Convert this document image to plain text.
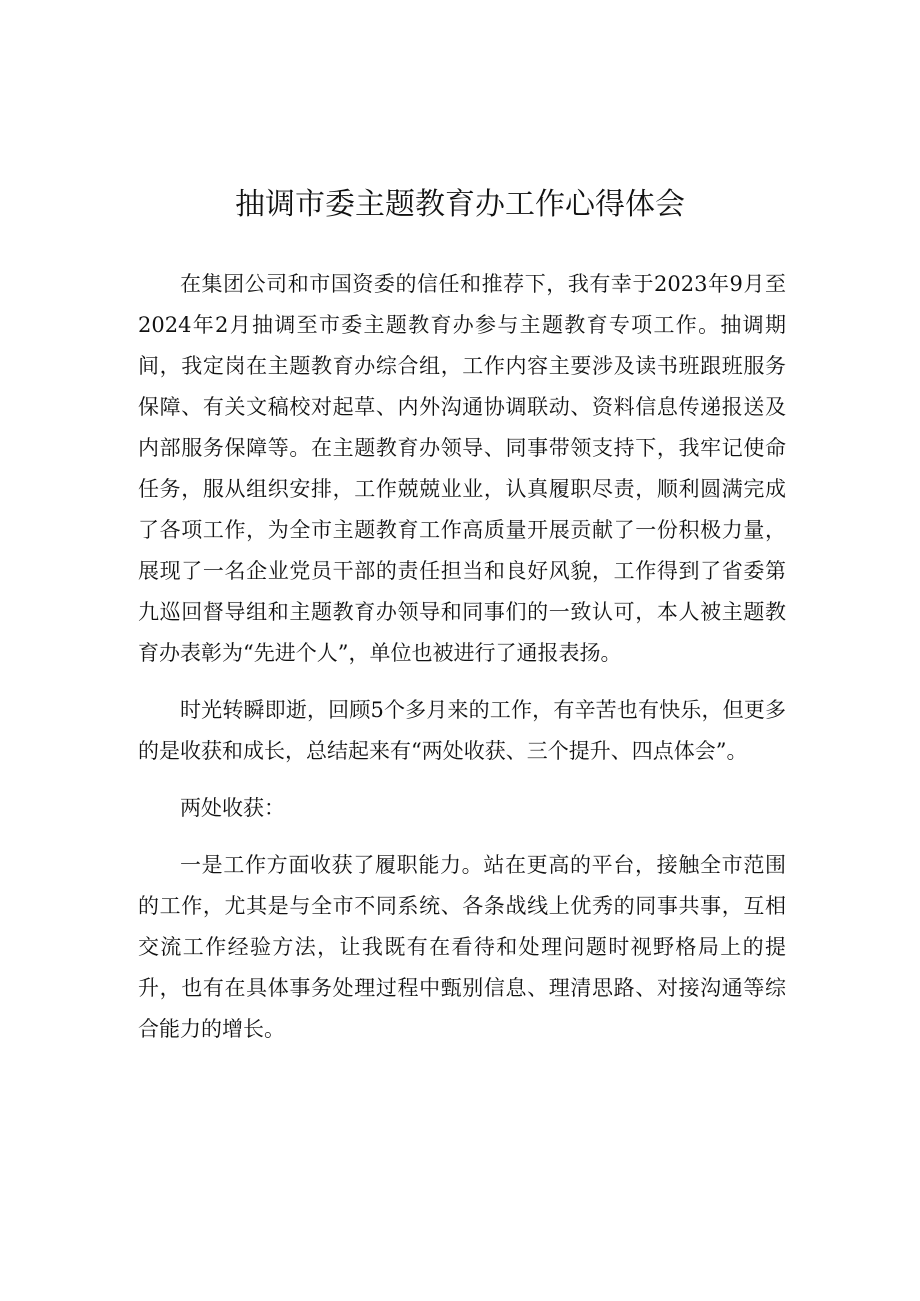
抽调市委主题教育办工作心得体会

在集团公司和市国资委的信任和推荐下，我有幸于2023年9月至2024年2月抽调至市委主题教育办参与主题教育专项工作。抽调期间，我定岗在主题教育办综合组，工作内容主要涉及读书班跟班服务保障、有关文稿校对起草、内外沟通协调联动、资料信息传递报送及内部服务保障等。在主题教育办领导、同事带领支持下，我牢记使命任务，服从组织安排，工作兢兢业业，认真履职尽责，顺利圆满完成了各项工作，为全市主题教育工作高质量开展贡献了一份积极力量，展现了一名企业党员干部的责任担当和良好风貌，工作得到了省委第九巡回督导组和主题教育办领导和同事们的一致认可，本人被主题教育办表彰为“先进个人”，单位也被进行了通报表扬。

时光转瞬即逝，回顾5个多月来的工作，有辛苦也有快乐，但更多的是收获和成长，总结起来有“两处收获、三个提升、四点体会”。

两处收获：

一是工作方面收获了履职能力。站在更高的平台，接触全市范围的工作，尤其是与全市不同系统、各条战线上优秀的同事共事，互相交流工作经验方法，让我既有在看待和处理问题时视野格局上的提升，也有在具体事务处理过程中甄别信息、理清思路、对接沟通等综合能力的增长。
